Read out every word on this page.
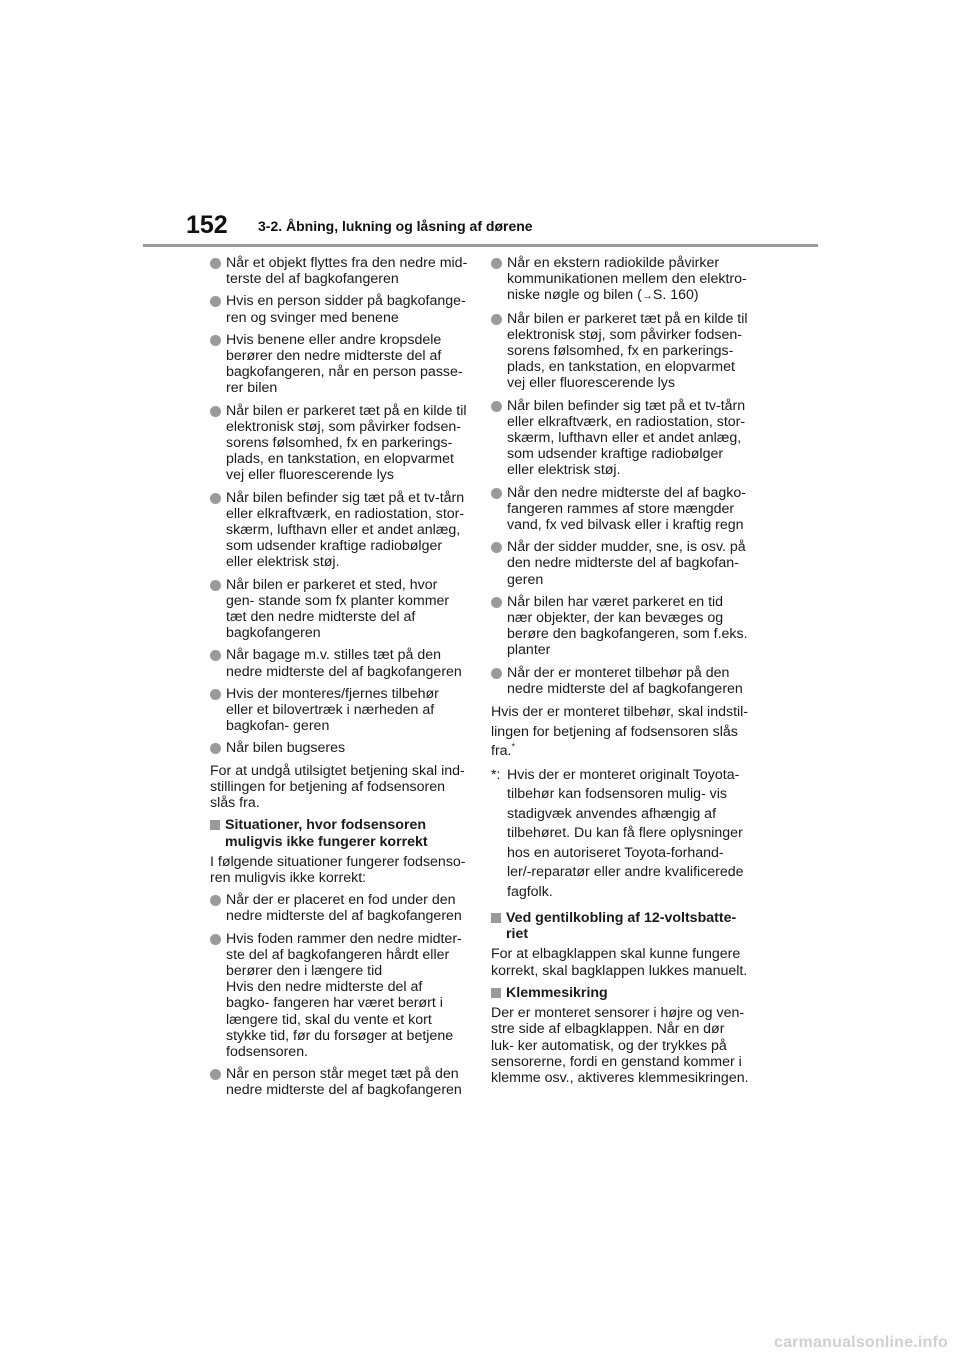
152 3-2. Åbning, lukning og låsning af dørene
Når et objekt flyttes fra den nedre mid- terste del af bagkofangeren
Hvis en person sidder på bagkofange- ren og svinger med benene
Hvis benene eller andre kropsdele berører den nedre midterste del af bagkofangeren, når en person passe- rer bilen
Når bilen er parkeret tæt på en kilde til elektronisk støj, som påvirker fodsen- sorens følsomhed, fx en parkerings- plads, en tankstation, en elopvarmet vej eller fluorescerende lys
Når bilen befinder sig tæt på et tv-tårn eller elkraftværk, en radiostation, stor- skærm, lufthavn eller et andet anlæg, som udsender kraftige radiobølger eller elektrisk støj.
Når bilen er parkeret et sted, hvor gen- stande som fx planter kommer tæt den nedre midterste del af bagkofangeren
Når bagage m.v. stilles tæt på den nedre midterste del af bagkofangeren
Hvis der monteres/fjernes tilbehør eller et bilovertræk i nærheden af bagkofan- geren
Når bilen bugseres

For at undgå utilsigtet betjening skal ind- stillingen for betjening af fodsensoren slås fra.

Situationer, hvor fodsensoren muligvis ikke fungerer korrekt

I følgende situationer fungerer fodsenso- ren muligvis ikke korrekt:

Når der er placeret en fod under den nedre midterste del af bagkofangeren
Hvis foden rammer den nedre midter- ste del af bagkofangeren hårdt eller berører den i længere tid
Hvis den nedre midterste del af bagko- fangeren har været berørt i længere tid, skal du vente et kort stykke tid, før du forsøger at betjene fodsensoren.
Når en person står meget tæt på den nedre midterste del af bagkofangeren
Når en ekstern radiokilde påvirker kommunikationen mellem den elektro- niske nøgle og bilen (→S. 160)
Når bilen er parkeret tæt på en kilde til elektronisk støj, som påvirker fodsen- sorens følsomhed, fx en parkerings- plads, en tankstation, en elopvarmet vej eller fluorescerende lys
Når bilen befinder sig tæt på et tv-tårn eller elkraftværk, en radiostation, stor- skærm, lufthavn eller et andet anlæg, som udsender kraftige radiobølger eller elektrisk støj.
Når den nedre midterste del af bagko- fangeren rammes af store mængder vand, fx ved bilvask eller i kraftig regn
Når der sidder mudder, sne, is osv. på den nedre midterste del af bagkofan- geren
Når bilen har været parkeret en tid nær objekter, der kan bevæges og berøre den bagkofangeren, som f.eks. planter
Når der er monteret tilbehør på den nedre midterste del af bagkofangeren

Hvis der er monteret tilbehør, skal indstil- lingen for betjening af fodsensoren slås fra.*

*: Hvis der er monteret originalt Toyota-tilbehør kan fodsensoren mulig- vis stadigvæk anvendes afhængig af tilbehøret. Du kan få flere oplysninger hos en autoriseret Toyota-forhand- ler/-reparatør eller andre kvalificerede fagfolk.
Ved gentilkobling af 12-voltsbatte- riet

For at elbagklappen skal kunne fungere korrekt, skal bagklappen lukkes manuelt.

Klemmesikring

Der er monteret sensorer i højre og ven- stre side af elbagklappen. Når en dør luk- ker automatisk, og der trykkes på sensorerne, fordi en genstand kommer i klemme osv., aktiveres klemmesikringen.

carmanualsonline.info
